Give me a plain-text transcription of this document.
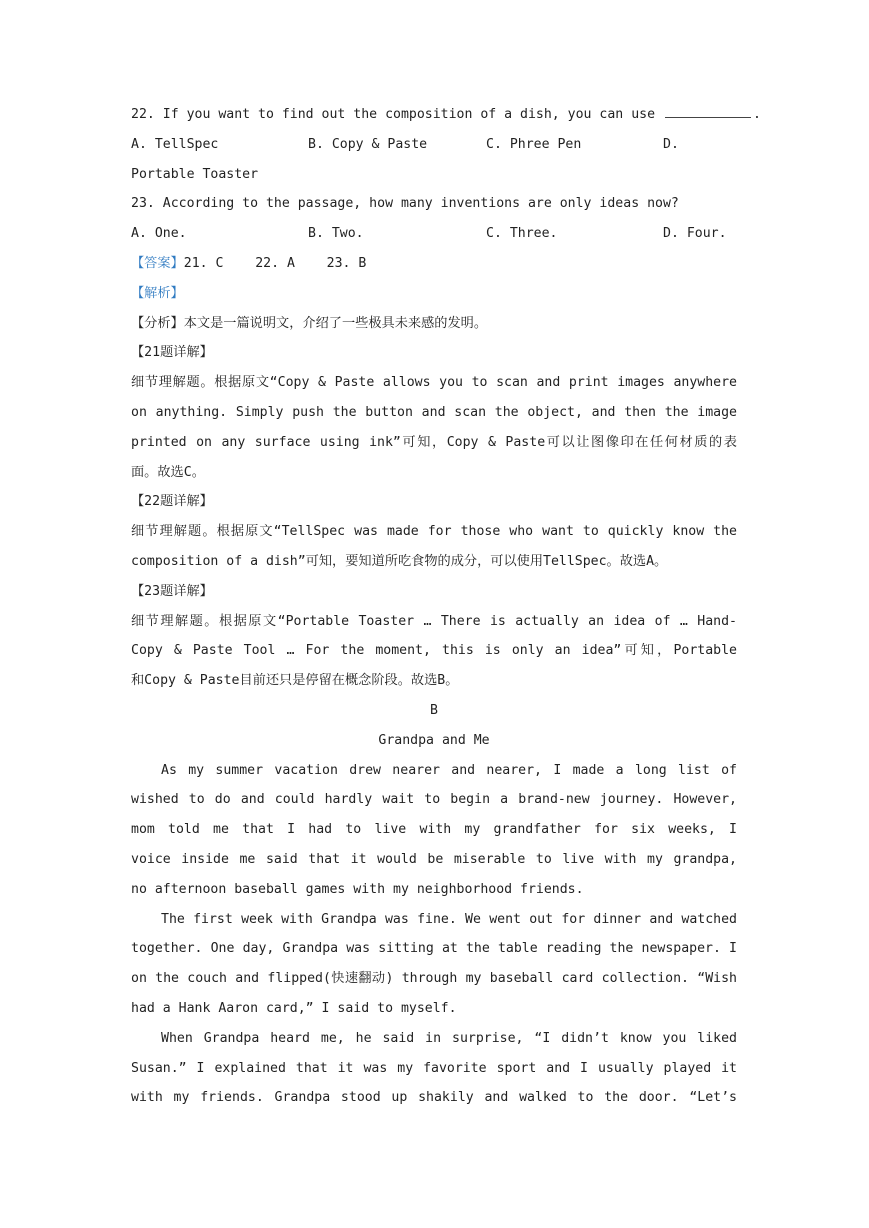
22. If you want to find out the composition of a dish, you can use	.
A. TellSpec	B. Copy & Paste	C. Phree Pen	D.
Portable Toaster
23. According to the passage, how many inventions are only ideas now?
A. One.	B. Two.	C. Three.	D. Four.
【答案】21. C    22. A    23. B
【解析】
【分析】本文是一篇说明文，介绍了一些极具未来感的发明。
【21题详解】
细节理解题。根据原文“Copy & Paste allows you to scan and print images anywhere
on anything. Simply push the button and scan the object, and then the image
printed on any surface using ink”可知，Copy & Paste可以让图像印在任何材质的表
面。故选C。
【22题详解】
细节理解题。根据原文“TellSpec was made for those who want to quickly know the
composition of a dish”可知，要知道所吃食物的成分，可以使用TellSpec。故选A。
【23题详解】
细节理解题。根据原文“Portable Toaster … There is actually an idea of … Hand-
Copy & Paste Tool … For the moment, this is only an idea”可知，Portable
和Copy & Paste目前还只是停留在概念阶段。故选B。
B
Grandpa and Me
As my summer vacation drew nearer and nearer, I made a long list of
wished to do and could hardly wait to begin a brand-new journey. However,
mom told me that I had to live with my grandfather for six weeks, I
voice inside me said that it would be miserable to live with my grandpa,
no afternoon baseball games with my neighborhood friends.
The first week with Grandpa was fine. We went out for dinner and watched
together. One day, Grandpa was sitting at the table reading the newspaper. I
on the couch and flipped(快速翻动) through my baseball card collection. “Wish
had a Hank Aaron card,” I said to myself.
When Grandpa heard me, he said in surprise, “I didn’t know you liked
Susan.” I explained that it was my favorite sport and I usually played it
with my friends. Grandpa stood up shakily and walked to the door. “Let’s
